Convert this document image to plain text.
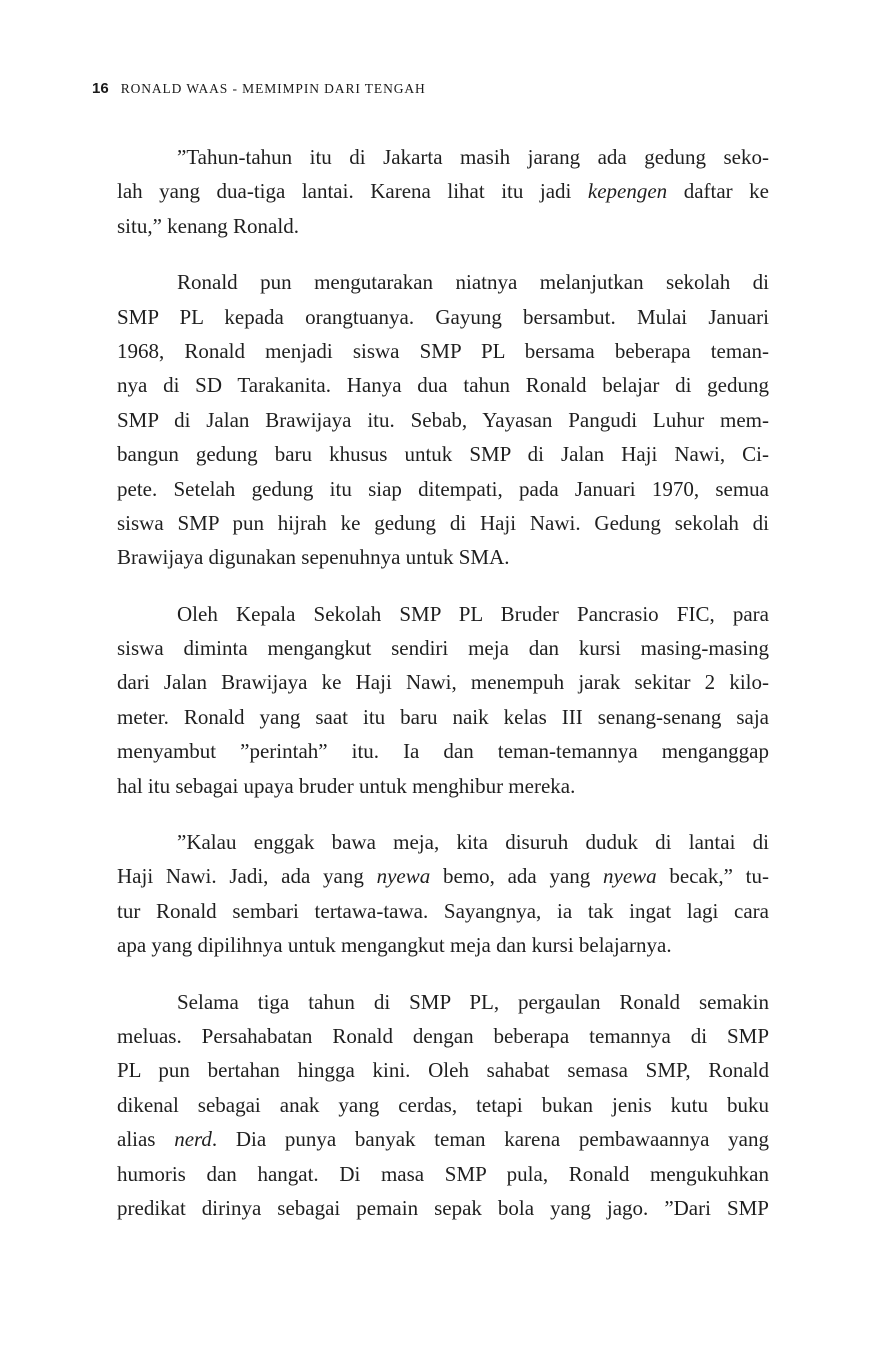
16 RONALD WAAS - MEMIMPIN DARI TENGAH

”Tahun-tahun itu di Jakarta masih jarang ada gedung seko-
lah yang dua-tiga lantai. Karena lihat itu jadi kepengen daftar ke
situ,” kenang Ronald.

Ronald pun mengutarakan niatnya melanjutkan sekolah di
SMP PL kepada orangtuanya. Gayung bersambut. Mulai Januari
1968, Ronald menjadi siswa SMP PL bersama beberapa teman-
nya di SD Tarakanita. Hanya dua tahun Ronald belajar di gedung
SMP di Jalan Brawijaya itu. Sebab, Yayasan Pangudi Luhur mem-
bangun gedung baru khusus untuk SMP di Jalan Haji Nawi, Ci-
pete. Setelah gedung itu siap ditempati, pada Januari 1970, semua
siswa SMP pun hijrah ke gedung di Haji Nawi. Gedung sekolah di
Brawijaya digunakan sepenuhnya untuk SMA.

Oleh Kepala Sekolah SMP PL Bruder Pancrasio FIC, para
siswa diminta mengangkut sendiri meja dan kursi masing-masing
dari Jalan Brawijaya ke Haji Nawi, menempuh jarak sekitar 2 kilo-
meter. Ronald yang saat itu baru naik kelas III senang-senang saja
menyambut ”perintah” itu. Ia dan teman-temannya menganggap
hal itu sebagai upaya bruder untuk menghibur mereka.

”Kalau enggak bawa meja, kita disuruh duduk di lantai di
Haji Nawi. Jadi, ada yang nyewa bemo, ada yang nyewa becak,” tu-
tur Ronald sembari tertawa-tawa. Sayangnya, ia tak ingat lagi cara
apa yang dipilihnya untuk mengangkut meja dan kursi belajarnya.

Selama tiga tahun di SMP PL, pergaulan Ronald semakin
meluas. Persahabatan Ronald dengan beberapa temannya di SMP
PL pun bertahan hingga kini. Oleh sahabat semasa SMP, Ronald
dikenal sebagai anak yang cerdas, tetapi bukan jenis kutu buku
alias nerd. Dia punya banyak teman karena pembawaannya yang
humoris dan hangat. Di masa SMP pula, Ronald mengukuhkan
predikat dirinya sebagai pemain sepak bola yang jago. ”Dari SMP
